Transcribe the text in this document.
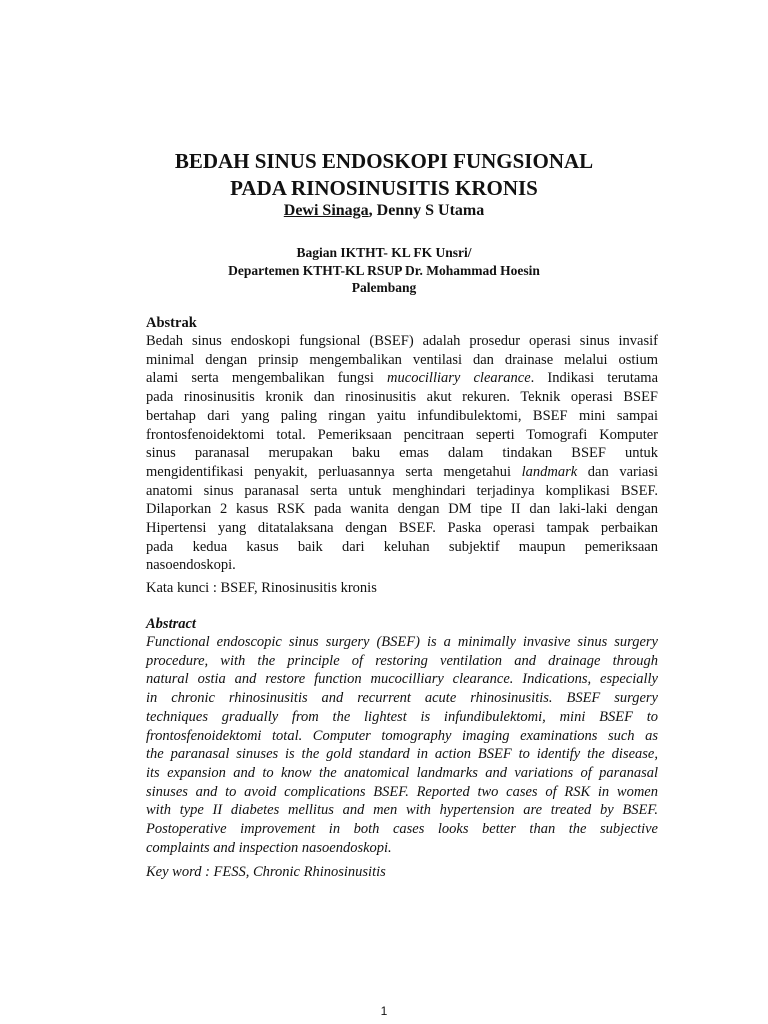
BEDAH SINUS ENDOSKOPI FUNGSIONAL
PADA RINOSINUSITIS KRONIS
Dewi Sinaga, Denny S Utama
Bagian IKTHT- KL FK Unsri/
Departemen KTHT-KL RSUP Dr. Mohammad Hoesin
Palembang
Abstrak
Bedah sinus endoskopi fungsional (BSEF) adalah prosedur operasi sinus invasif
minimal dengan prinsip mengembalikan ventilasi dan drainase melalui ostium
alami serta mengembalikan fungsi mucocilliary clearance. Indikasi terutama
pada rinosinusitis kronik dan rinosinusitis akut rekuren. Teknik operasi BSEF
bertahap dari yang paling ringan yaitu infundibulektomi, BSEF mini sampai
frontosfenoidektomi total. Pemeriksaan pencitraan seperti Tomografi Komputer
sinus paranasal merupakan baku emas dalam tindakan BSEF untuk
mengidentifikasi penyakit, perluasannya serta mengetahui landmark dan variasi
anatomi sinus paranasal serta untuk menghindari terjadinya komplikasi BSEF.
Dilaporkan 2 kasus RSK pada wanita dengan DM tipe II dan laki-laki dengan
Hipertensi yang ditatalaksana dengan BSEF. Paska operasi tampak perbaikan
pada kedua kasus baik dari keluhan subjektif maupun pemeriksaan
nasoendoskopi.
Kata kunci : BSEF, Rinosinusitis kronis
Abstract
Functional endoscopic sinus surgery (BSEF) is a minimally invasive sinus surgery
procedure, with the principle of restoring ventilation and drainage through
natural ostia and restore function mucocilliary clearance. Indications, especially
in chronic rhinosinusitis and recurrent acute rhinosinusitis. BSEF surgery
techniques gradually from the lightest is infundibulektomi, mini BSEF to
frontosfenoidektomi total. Computer tomography imaging examinations such as
the paranasal sinuses is the gold standard in action BSEF to identify the disease,
its expansion and to know the anatomical landmarks and variations of paranasal
sinuses and to avoid complications BSEF. Reported two cases of RSK in women
with type II diabetes mellitus and men with hypertension are treated by BSEF.
Postoperative improvement in both cases looks better than the subjective
complaints and inspection nasoendoskopi.
Key word : FESS, Chronic Rhinosinusitis
1
